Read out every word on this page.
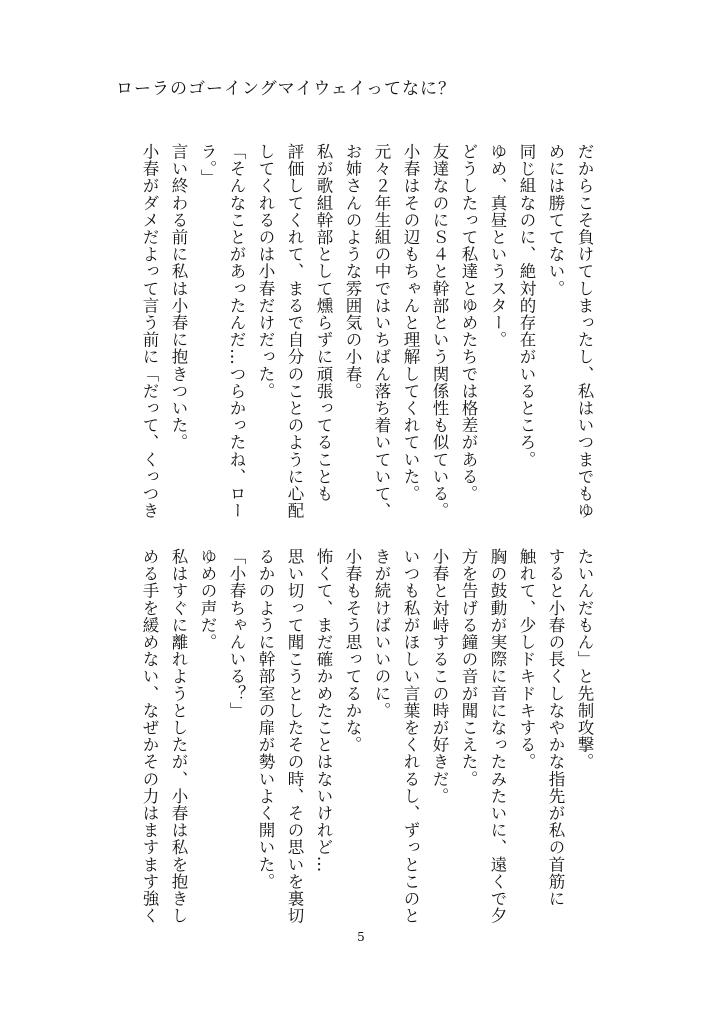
ローラのゴーイングマイウェイってなに？
だからこそ負けてしまったし、私はいつまでもゆ
めには勝ててない。
同じ組なのに、絶対的存在がいるところ。
ゆめ、真昼というスター。
どうしたって私達とゆめたちでは格差がある。
友達なのにＳ４と幹部という関係性も似ている。
小春はその辺もちゃんと理解してくれていた。
元々２年生組の中ではいちばん落ち着いていて、
お姉さんのような雰囲気の小春。
私が歌組幹部として燻らずに頑張ってることも
評価してくれて、まるで自分のことのように心配
してくれるのは小春だけだった。
「そんなことがあったんだ…つらかったね、ロー
ラ。」
言い終わる前に私は小春に抱きついた。
小春がダメだよって言う前に「だって、くっつき
たいんだもん」と先制攻撃。
すると小春の長くしなやかな指先が私の首筋に
触れて、少しドキドキする。
胸の鼓動が実際に音になったみたいに、遠くで夕
方を告げる鐘の音が聞こえた。
小春と対峙するこの時が好きだ。
いつも私がほしい言葉をくれるし、ずっとこのと
きが続けばいいのに。
小春もそう思ってるかな。
怖くて、まだ確かめたことはないけれど…
思い切って聞こうとしたその時、その思いを裏切
るかのように幹部室の扉が勢いよく開いた。
「小春ちゃんいる？」
ゆめの声だ。
私はすぐに離れようとしたが、小春は私を抱きし
める手を緩めない、なぜかその力はますます強く
5
